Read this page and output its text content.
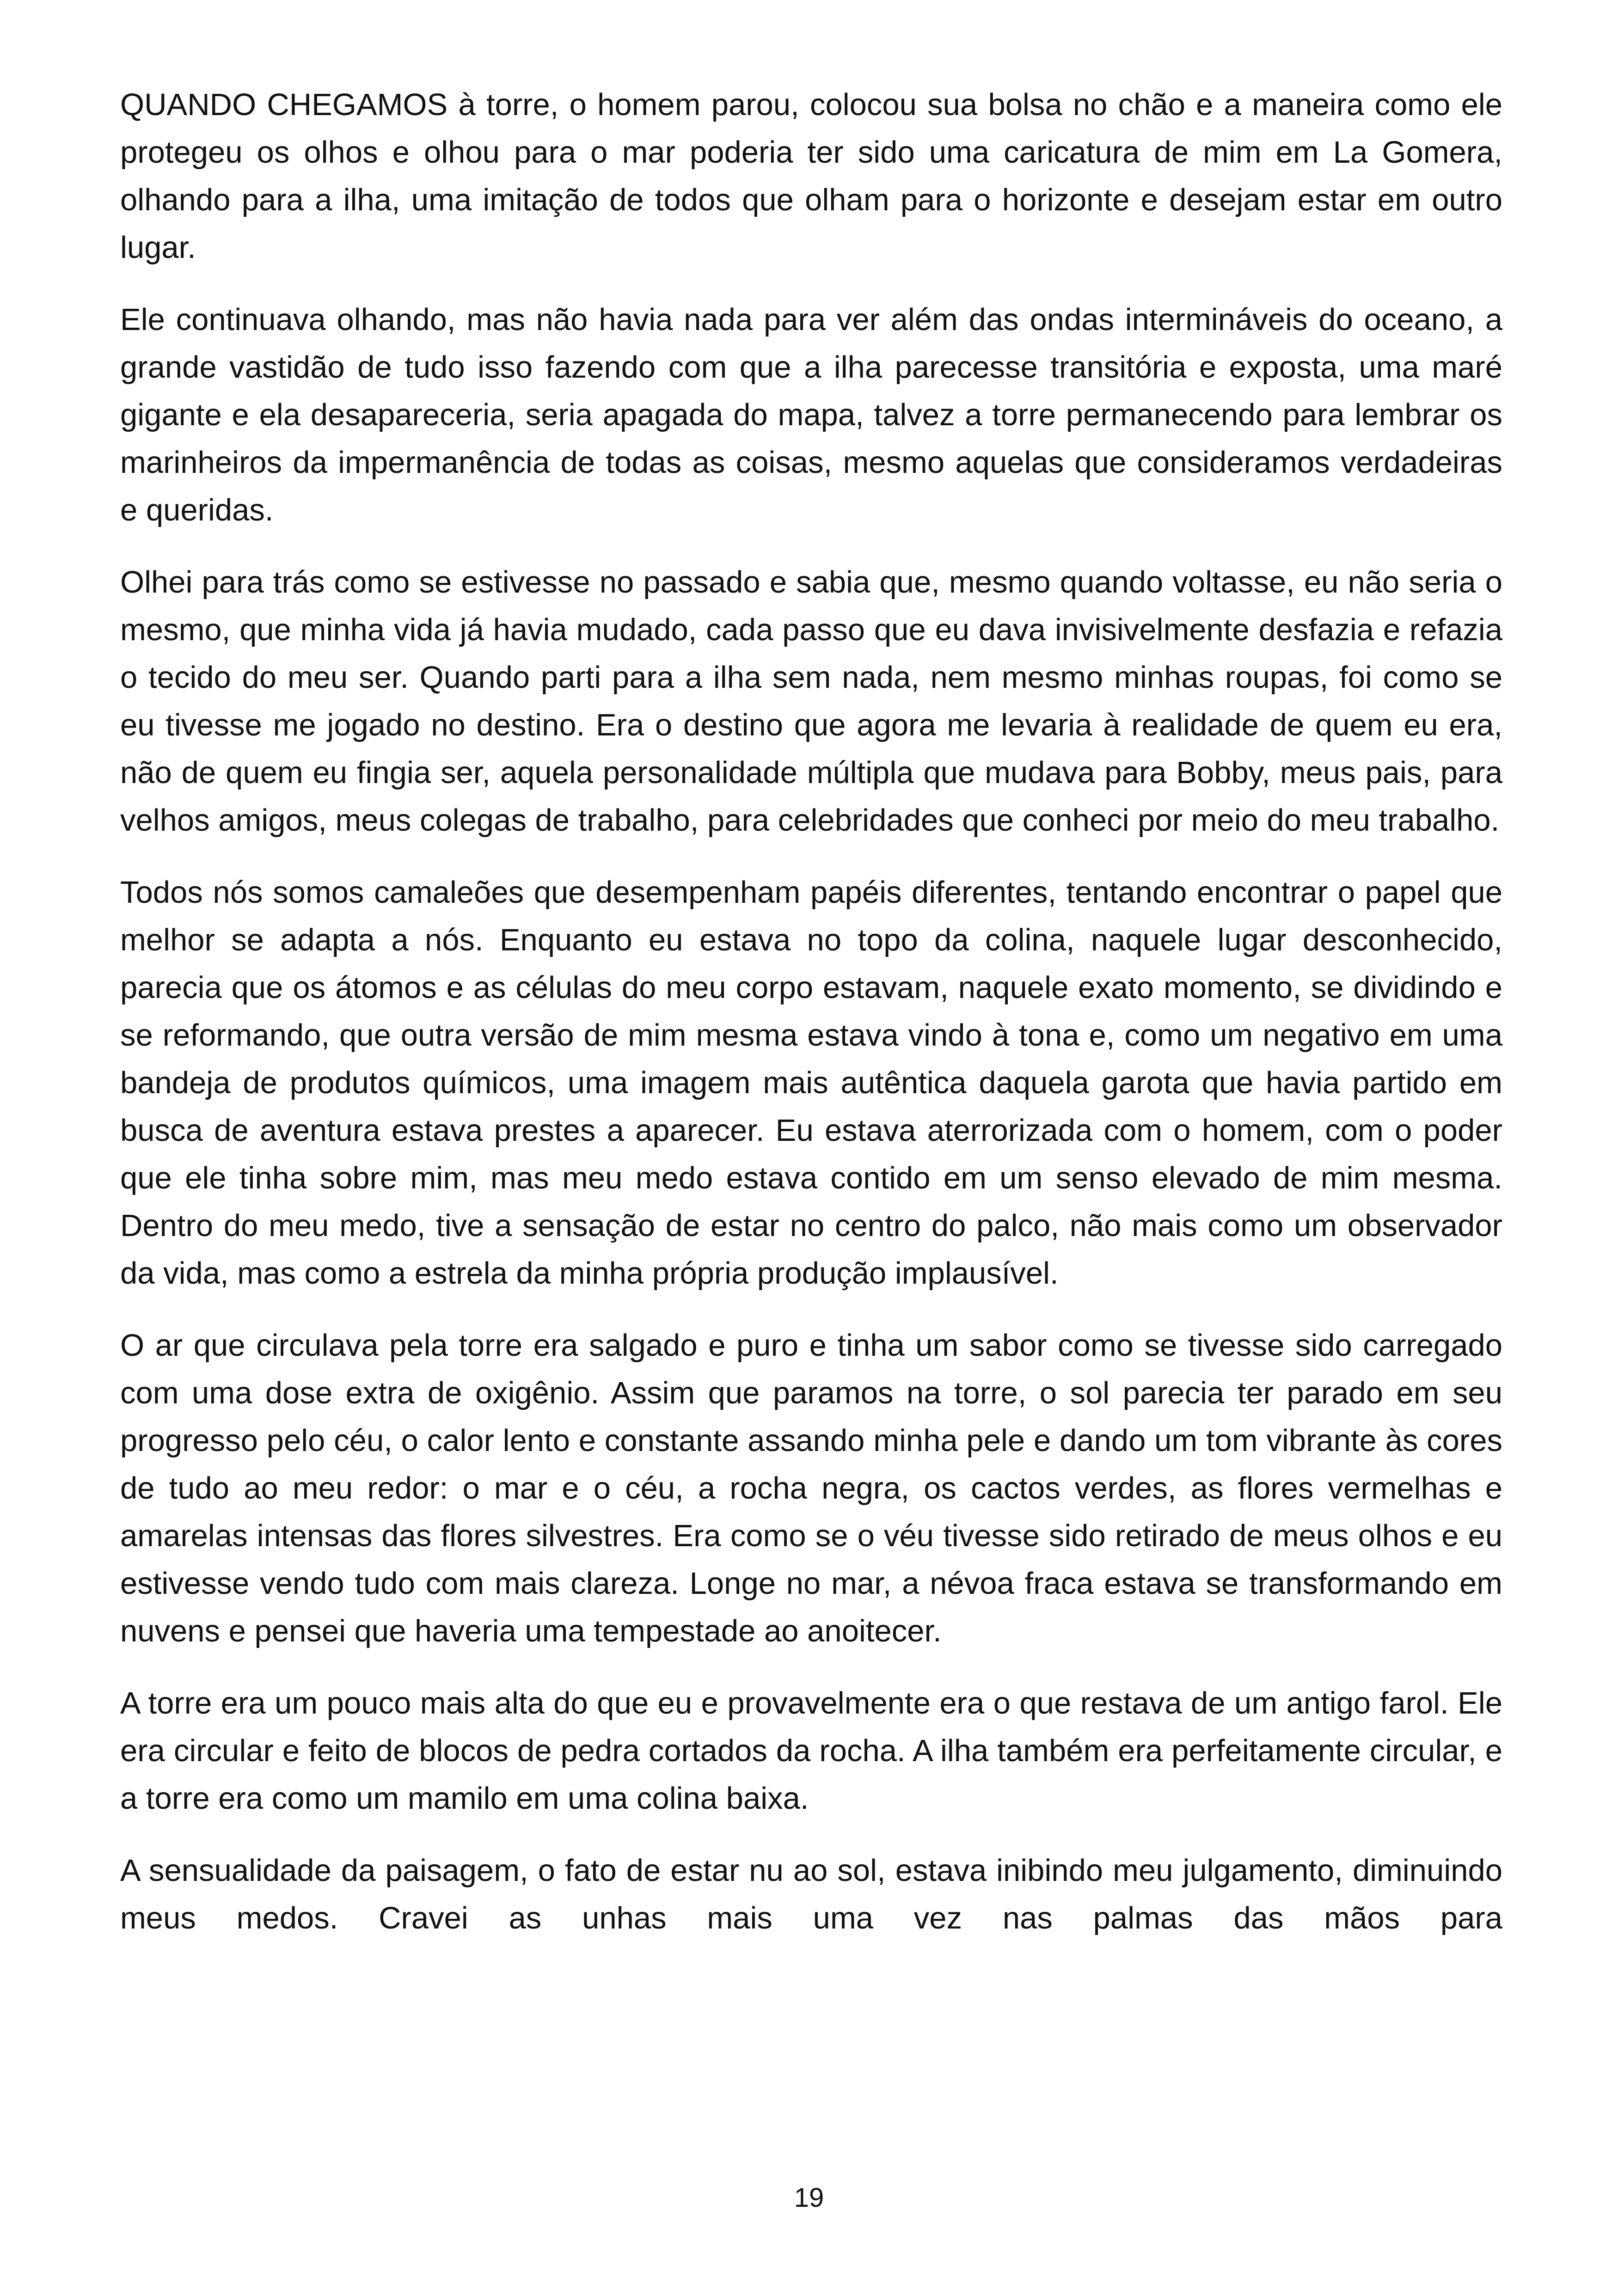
QUANDO CHEGAMOS à torre, o homem parou, colocou sua bolsa no chão e a maneira como ele protegeu os olhos e olhou para o mar poderia ter sido uma caricatura de mim em La Gomera, olhando para a ilha, uma imitação de todos que olham para o horizonte e desejam estar em outro lugar.

Ele continuava olhando, mas não havia nada para ver além das ondas intermináveis do oceano, a grande vastidão de tudo isso fazendo com que a ilha parecesse transitória e exposta, uma maré gigante e ela desapareceria, seria apagada do mapa, talvez a torre permanecendo para lembrar os marinheiros da impermanência de todas as coisas, mesmo aquelas que consideramos verdadeiras e queridas.

Olhei para trás como se estivesse no passado e sabia que, mesmo quando voltasse, eu não seria o mesmo, que minha vida já havia mudado, cada passo que eu dava invisivelmente desfazia e refazia o tecido do meu ser. Quando parti para a ilha sem nada, nem mesmo minhas roupas, foi como se eu tivesse me jogado no destino. Era o destino que agora me levaria à realidade de quem eu era, não de quem eu fingia ser, aquela personalidade múltipla que mudava para Bobby, meus pais, para velhos amigos, meus colegas de trabalho, para celebridades que conheci por meio do meu trabalho.

Todos nós somos camaleões que desempenham papéis diferentes, tentando encontrar o papel que melhor se adapta a nós. Enquanto eu estava no topo da colina, naquele lugar desconhecido, parecia que os átomos e as células do meu corpo estavam, naquele exato momento, se dividindo e se reformando, que outra versão de mim mesma estava vindo à tona e, como um negativo em uma bandeja de produtos químicos, uma imagem mais autêntica daquela garota que havia partido em busca de aventura estava prestes a aparecer. Eu estava aterrorizada com o homem, com o poder que ele tinha sobre mim, mas meu medo estava contido em um senso elevado de mim mesma. Dentro do meu medo, tive a sensação de estar no centro do palco, não mais como um observador da vida, mas como a estrela da minha própria produção implausível.

O ar que circulava pela torre era salgado e puro e tinha um sabor como se tivesse sido carregado com uma dose extra de oxigênio. Assim que paramos na torre, o sol parecia ter parado em seu progresso pelo céu, o calor lento e constante assando minha pele e dando um tom vibrante às cores de tudo ao meu redor: o mar e o céu, a rocha negra, os cactos verdes, as flores vermelhas e amarelas intensas das flores silvestres. Era como se o véu tivesse sido retirado de meus olhos e eu estivesse vendo tudo com mais clareza. Longe no mar, a névoa fraca estava se transformando em nuvens e pensei que haveria uma tempestade ao anoitecer.

A torre era um pouco mais alta do que eu e provavelmente era o que restava de um antigo farol. Ele era circular e feito de blocos de pedra cortados da rocha. A ilha também era perfeitamente circular, e a torre era como um mamilo em uma colina baixa.

A sensualidade da paisagem, o fato de estar nu ao sol, estava inibindo meu julgamento, diminuindo meus medos. Cravei as unhas mais uma vez nas palmas das mãos para

19
